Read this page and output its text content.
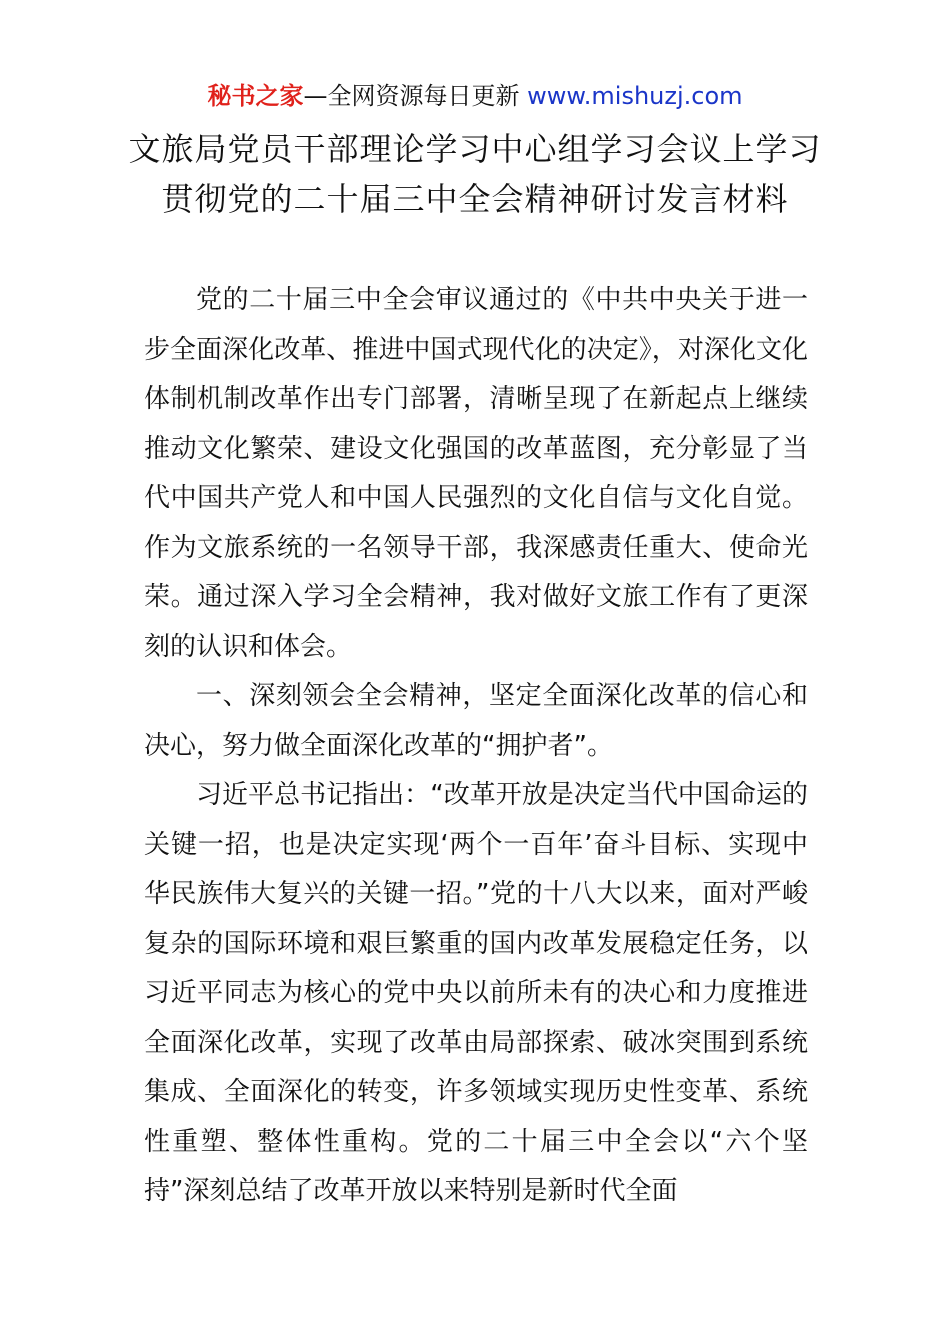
秘书之家—全网资源每日更新 www.mishuzj.com
文旅局党员干部理论学习中心组学习会议上学习贯彻党的二十届三中全会精神研讨发言材料

党的二十届三中全会审议通过的《中共中央关于进一步全面深化改革、推进中国式现代化的决定》，对深化文化体制机制改革作出专门部署，清晰呈现了在新起点上继续推动文化繁荣、建设文化强国的改革蓝图，充分彰显了当代中国共产党人和中国人民强烈的文化自信与文化自觉。作为文旅系统的一名领导干部，我深感责任重大、使命光荣。通过深入学习全会精神，我对做好文旅工作有了更深刻的认识和体会。

一、深刻领会全会精神，坚定全面深化改革的信心和决心，努力做全面深化改革的“拥护者”。

习近平总书记指出：“改革开放是决定当代中国命运的关键一招，也是决定实现‘两个一百年’奋斗目标、实现中华民族伟大复兴的关键一招。”党的十八大以来，面对严峻复杂的国际环境和艰巨繁重的国内改革发展稳定任务，以习近平同志为核心的党中央以前所未有的决心和力度推进全面深化改革，实现了改革由局部探索、破冰突围到系统集成、全面深化的转变，许多领域实现历史性变革、系统性重塑、整体性重构。党的二十届三中全会以“六个坚持”深刻总结了改革开放以来特别是新时代全面
